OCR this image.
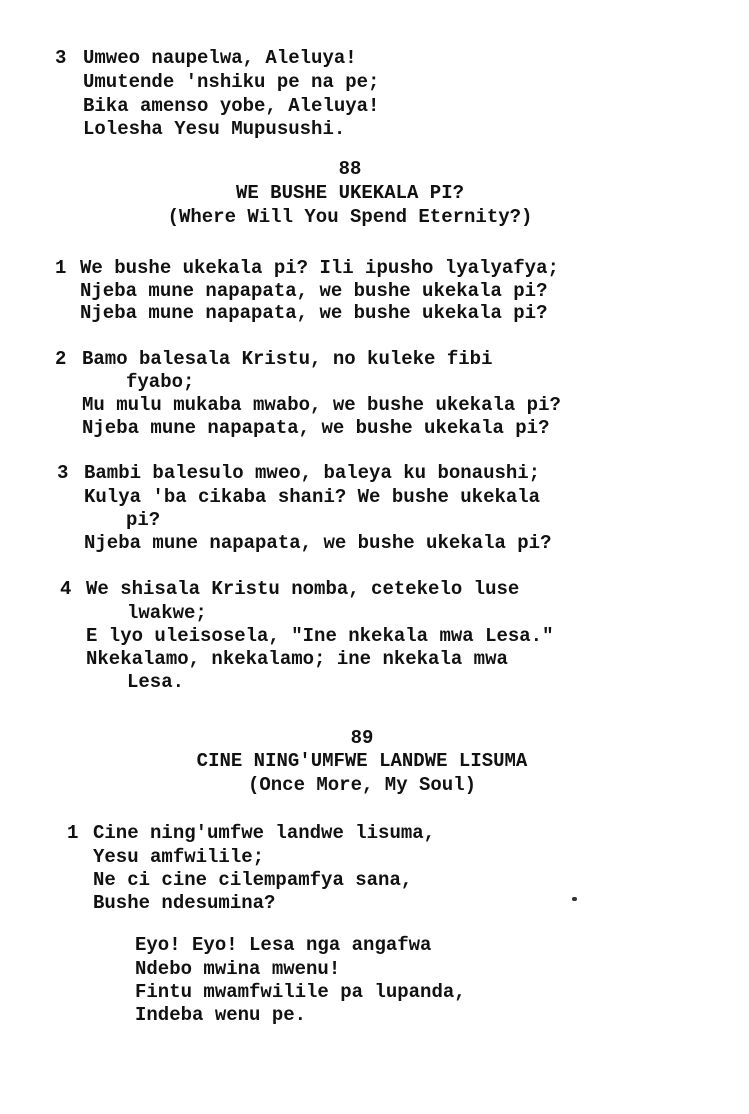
3 Umweo naupelwa, Aleluya!
Umutende 'nshiku pe na pe;
Bika amenso yobe, Aleluya!
Lolesha Yesu Mupusushi.
88
WE BUSHE UKEKALA PI?
(Where Will You Spend Eternity?)
1 We bushe ukekala pi? Ili ipusho lyalyafya;
Njeba mune napapata, we bushe ukekala pi?
Njeba mune napapata, we bushe ukekala pi?
2 Bamo balesala Kristu, no kuleke fibi
fyabo;
Mu mulu mukaba mwabo, we bushe ukekala pi?
Njeba mune napapata, we bushe ukekala pi?
3 Bambi balesulo mweo, baleya ku bonaushi;
Kulya 'ba cikaba shani? We bushe ukekala
pi?
Njeba mune napapata, we bushe ukekala pi?
4 We shisala Kristu nomba, cetekelo luse
lwakwe;
E lyo uleisosela, "Ine nkekala mwa Lesa."
Nkekalamo, nkekalamo; ine nkekala mwa
Lesa.
89
CINE NING'UMFWE LANDWE LISUMA
(Once More, My Soul)
1 Cine ning'umfwe landwe lisuma,
Yesu amfwilile;
Ne ci cine cilempamfya sana,
Bushe ndesumina?
Eyo! Eyo! Lesa nga angafwa
Ndebo mwina mwenu!
Fintu mwamfwilile pa lupanda,
Indeba wenu pe.
